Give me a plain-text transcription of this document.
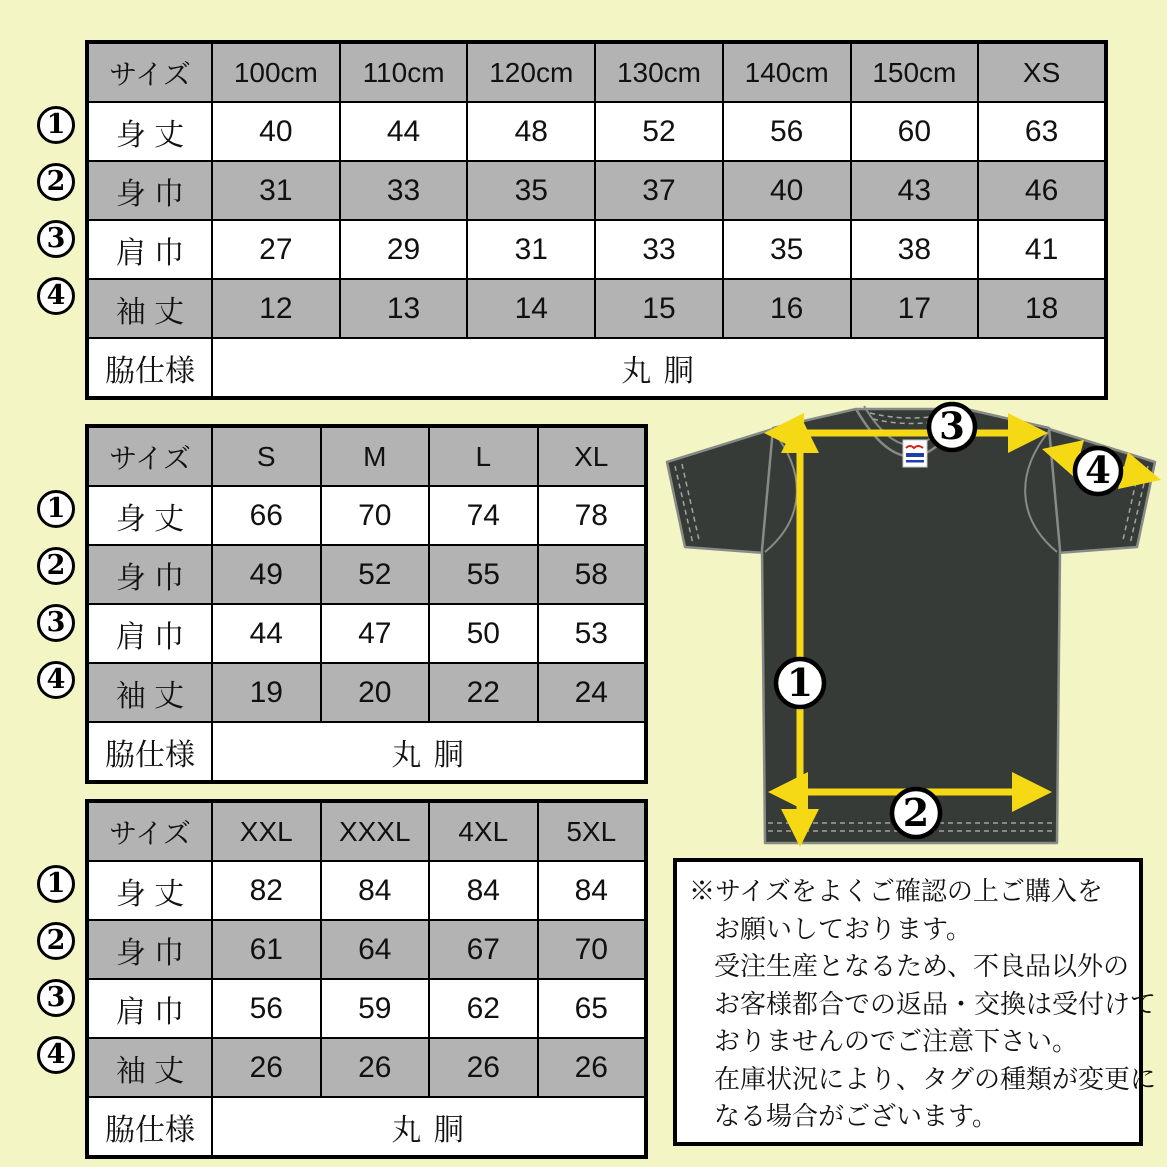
サイズ	100cm	110cm	120cm	130cm	140cm	150cm	XS
身 丈	40	44	48	52	56	60	63
身 巾	31	33	35	37	40	43	46
肩 巾	27	29	31	33	35	38	41
袖 丈	12	13	14	15	16	17	18
脇仕様	丸 胴						
サイズ	S	M	L	XL
身 丈	66	70	74	78
身 巾	49	52	55	58
肩 巾	44	47	50	53
袖 丈	19	20	22	24
脇仕様	丸 胴			
サイズ	XXL	XXXL	4XL	5XL
身 丈	82	84	84	84
身 巾	61	64	67	70
肩 巾	56	59	62	65
袖 丈	26	26	26	26
脇仕様	丸 胴			
1
2
3
4
1
2
3
4
1
2
3
4
3
4
1
2

※サイズをよくご確認の上ご購入を

お願いしております。

受注生産となるため、不良品以外の

お客様都合での返品・交換は受付けて

おりませんのでご注意下さい。

在庫状況により、タグの種類が変更に

なる場合がございます。
